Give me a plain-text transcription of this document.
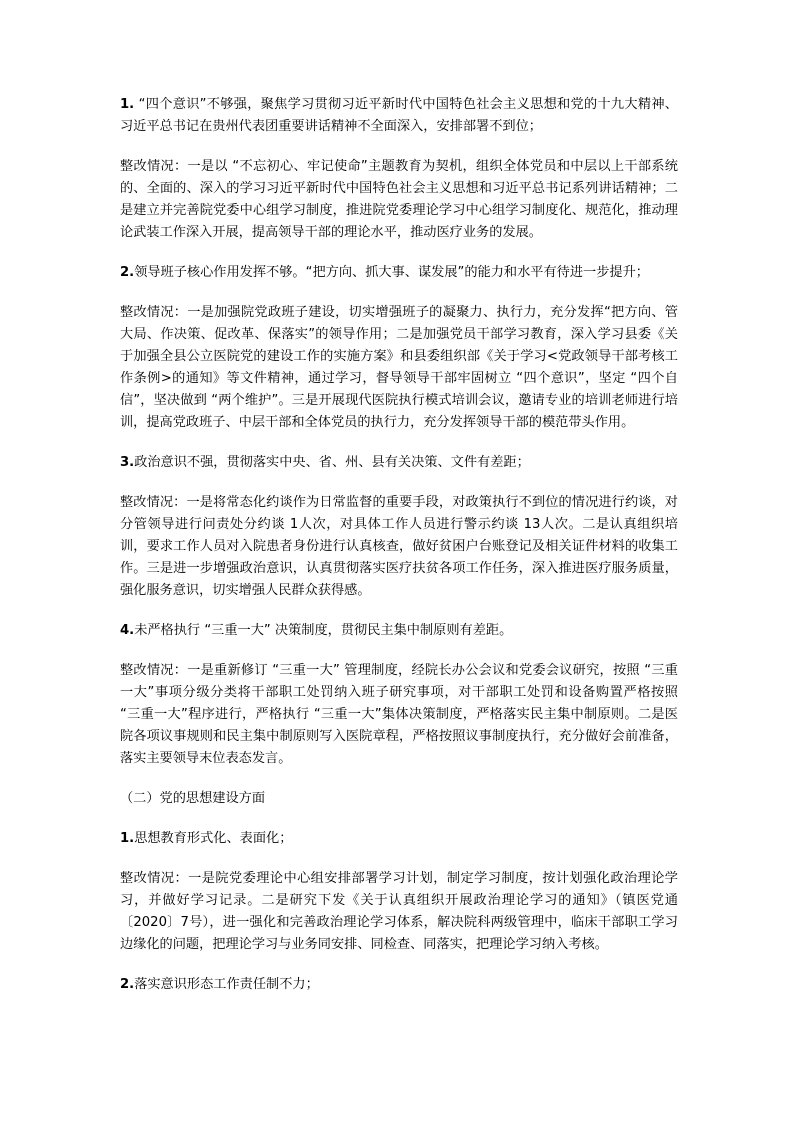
1. “四个意识”不够强，聚焦学习贯彻习近平新时代中国特色社会主义思想和党的十九大精神、习近平总书记在贵州代表团重要讲话精神不全面深入，安排部署不到位；

整改情况：一是以 “不忘初心、牢记使命”主题教育为契机，组织全体党员和中层以上干部系统的、全面的、深入的学习习近平新时代中国特色社会主义思想和习近平总书记系列讲话精神；二是建立并完善院党委中心组学习制度，推进院党委理论学习中心组学习制度化、规范化，推动理论武装工作深入开展，提高领导干部的理论水平，推动医疗业务的发展。

2.领导班子核心作用发挥不够。“把方向、抓大事、谋发展”的能力和水平有待进一步提升；

整改情况：一是加强院党政班子建设，切实增强班子的凝聚力、执行力，充分发挥“把方向、管大局、作决策、促改革、保落实”的领导作用；二是加强党员干部学习教育，深入学习县委《关于加强全县公立医院党的建设工作的实施方案》和县委组织部《关于学习<党政领导干部考核工作条例>的通知》等文件精神，通过学习，督导领导干部牢固树立 “四个意识”，坚定 “四个自信”，坚决做到 “两个维护”。三是开展现代医院执行模式培训会议，邀请专业的培训老师进行培训，提高党政班子、中层干部和全体党员的执行力，充分发挥领导干部的模范带头作用。

3.政治意识不强，贯彻落实中央、省、州、县有关决策、文件有差距；

整改情况：一是将常态化约谈作为日常监督的重要手段，对政策执行不到位的情况进行约谈，对分管领导进行问责处分约谈 1人次，对具体工作人员进行警示约谈 13人次。二是认真组织培训，要求工作人员对入院患者身份进行认真核查，做好贫困户台账登记及相关证件材料的收集工作。三是进一步增强政治意识，认真贯彻落实医疗扶贫各项工作任务，深入推进医疗服务质量，强化服务意识，切实增强人民群众获得感。

4.未严格执行 “三重一大” 决策制度，贯彻民主集中制原则有差距。

整改情况：一是重新修订 “三重一大” 管理制度，经院长办公会议和党委会议研究，按照 “三重一大”事项分级分类将干部职工处罚纳入班子研究事项，对干部职工处罚和设备购置严格按照 “三重一大”程序进行，严格执行 “三重一大”集体决策制度，严格落实民主集中制原则。二是医院各项议事规则和民主集中制原则写入医院章程，严格按照议事制度执行，充分做好会前准备，落实主要领导末位表态发言。

（二）党的思想建设方面

1.思想教育形式化、表面化；

整改情况：一是院党委理论中心组安排部署学习计划，制定学习制度，按计划强化政治理论学习，并做好学习记录。二是研究下发《关于认真组织开展政治理论学习的通知》（镇医党通〔2020〕7号），进一强化和完善政治理论学习体系，解决院科两级管理中，临床干部职工学习边缘化的问题，把理论学习与业务同安排、同检查、同落实，把理论学习纳入考核。

2.落实意识形态工作责任制不力；
